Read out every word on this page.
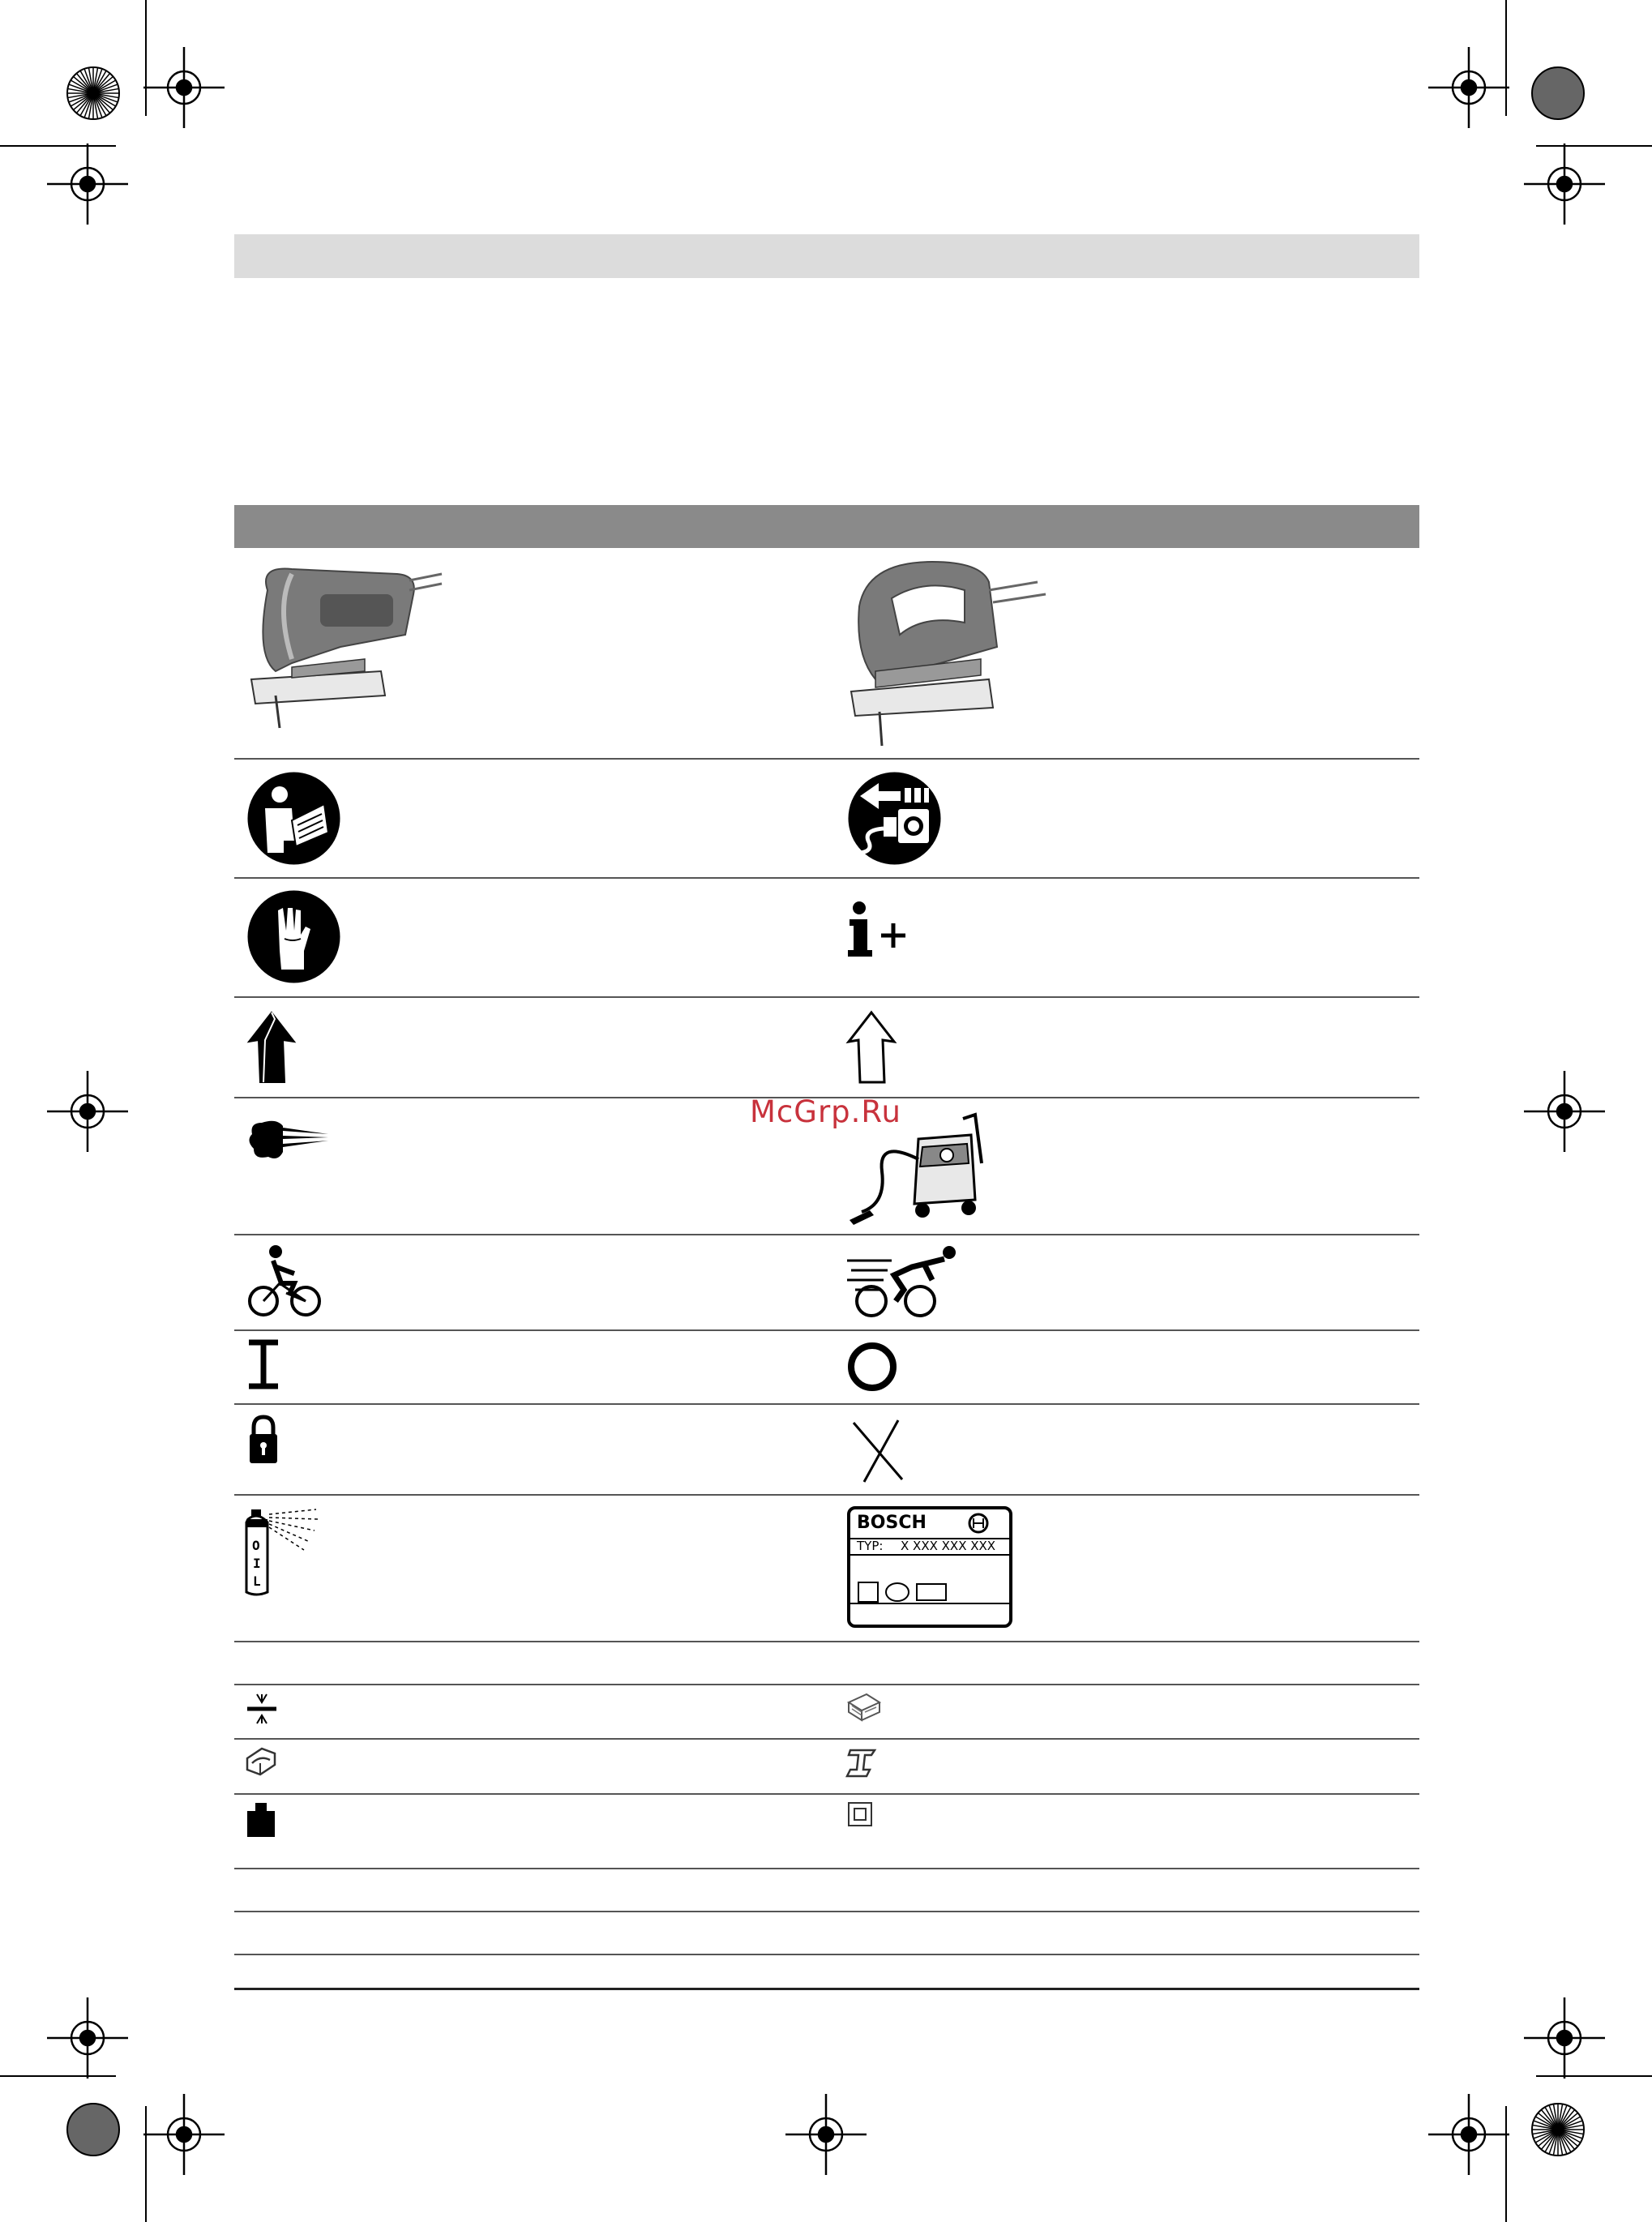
McGrp.Ru
O
I
L
BOSCH
TYP: X XXX XXX XXX
